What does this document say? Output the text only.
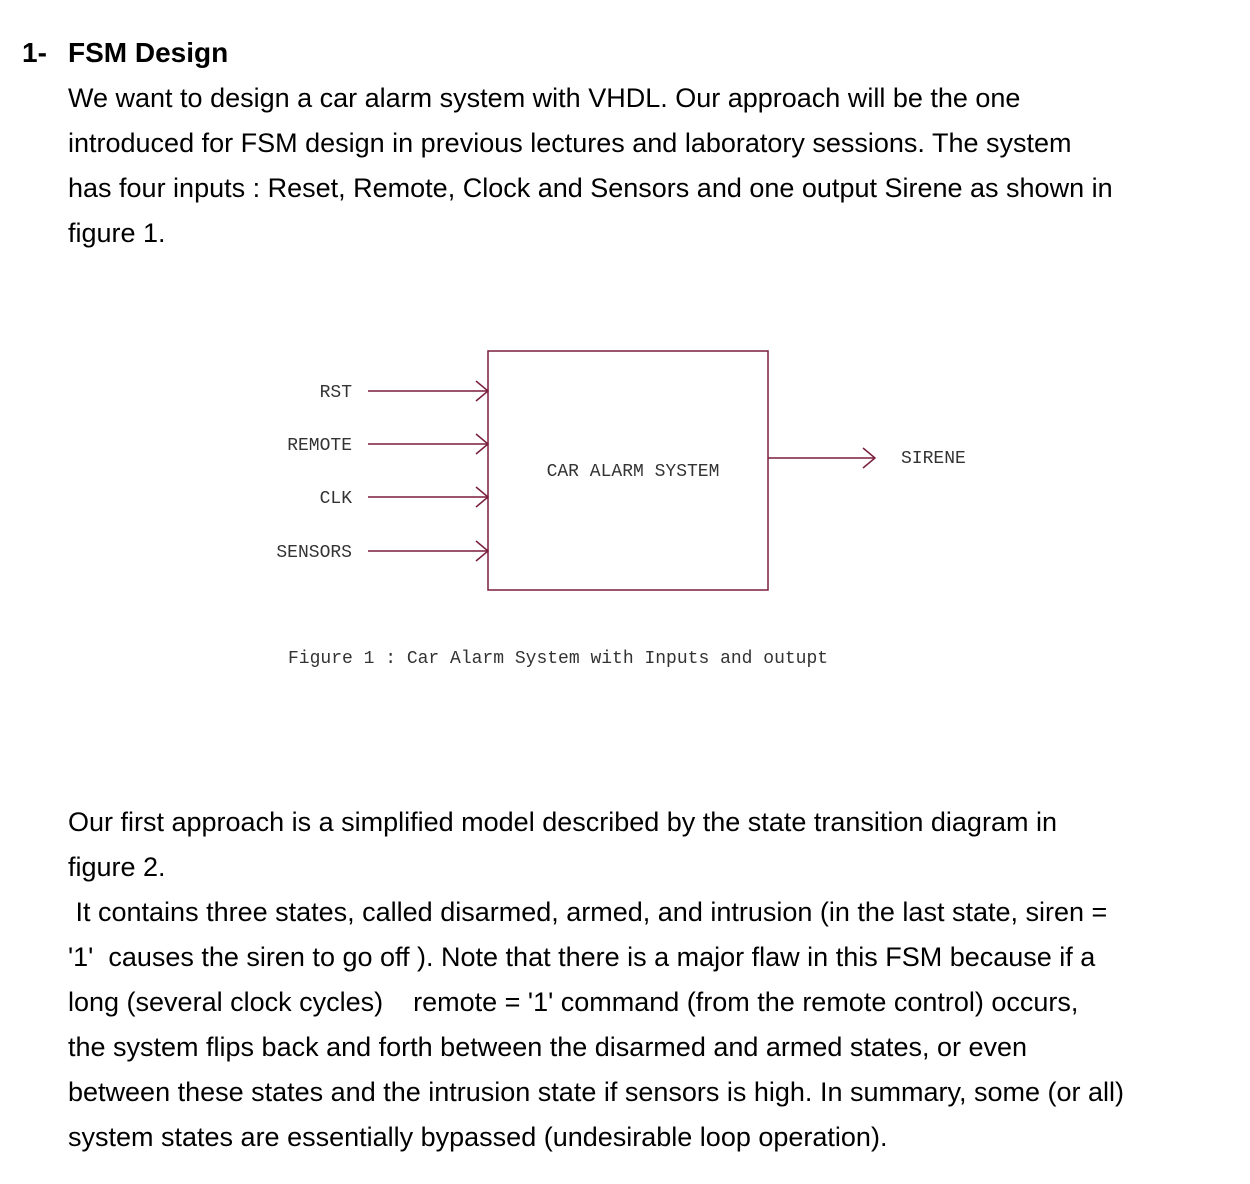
1- FSM Design
We want to design a car alarm system with VHDL. Our approach will be the one
introduced for FSM design in previous lectures and laboratory sessions. The system
has four inputs : Reset, Remote, Clock and Sensors and one output Sirene as shown in
figure 1.
CAR ALARM SYSTEM
RST
REMOTE
CLK
SENSORS
SIRENE
Figure 1 : Car Alarm System with Inputs and outupt
Our first approach is a simplified model described by the state transition diagram in
figure 2.
It contains three states, called disarmed, armed, and intrusion (in the last state, siren =
'1'  causes the siren to go off ). Note that there is a major flaw in this FSM because if a
long (several clock cycles)    remote = '1' command (from the remote control) occurs,
the system flips back and forth between the disarmed and armed states, or even
between these states and the intrusion state if sensors is high. In summary, some (or all)
system states are essentially bypassed (undesirable loop operation).
